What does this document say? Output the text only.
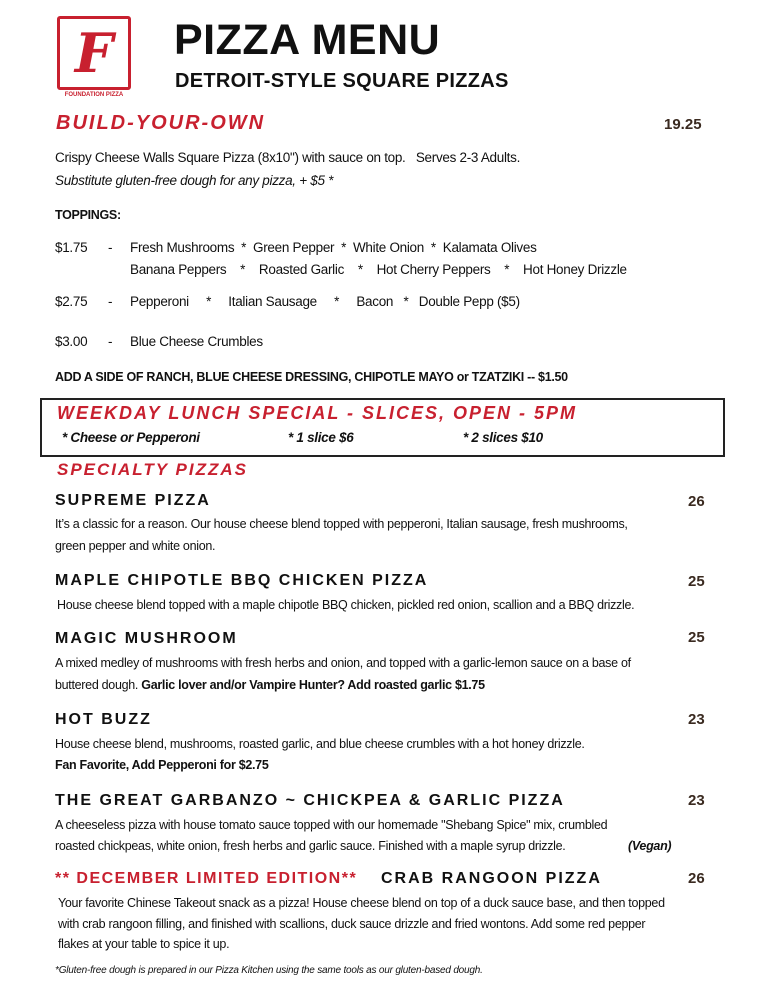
F
FOUNDATION PIZZA
PIZZA MENU
DETROIT-STYLE SQUARE PIZZAS
BUILD-YOUR-OWN	19.25
Crispy Cheese Walls Square Pizza (8x10") with sauce on top.   Serves 2-3 Adults.
Substitute gluten-free dough for any pizza, + $5 *
TOPPINGS:
$1.75 - Fresh Mushrooms  *  Green Pepper  *  White Onion  *  Kalamata Olives
Banana Peppers    *    Roasted Garlic    *    Hot Cherry Peppers    *    Hot Honey Drizzle
$2.75 - Pepperoni     *     Italian Sausage     *     Bacon   *   Double Pepp ($5)
$3.00 - Blue Cheese Crumbles
ADD A SIDE OF RANCH, BLUE CHEESE DRESSING, CHIPOTLE MAYO or TZATZIKI -- $1.50
WEEKDAY LUNCH SPECIAL - SLICES, OPEN - 5PM
* Cheese or Pepperoni	* 1 slice $6	* 2 slices $10
SPECIALTY PIZZAS
SUPREME PIZZA	26
It’s a classic for a reason. Our house cheese blend topped with pepperoni, Italian sausage, fresh mushrooms,
green pepper and white onion.
MAPLE CHIPOTLE BBQ CHICKEN PIZZA	25
House cheese blend topped with a maple chipotle BBQ chicken, pickled red onion, scallion and a BBQ drizzle.
MAGIC MUSHROOM	25
A mixed medley of mushrooms with fresh herbs and onion, and topped with a garlic-lemon sauce on a base of
buttered dough. Garlic lover and/or Vampire Hunter? Add roasted garlic $1.75
HOT BUZZ	23
House cheese blend, mushrooms, roasted garlic, and blue cheese crumbles with a hot honey drizzle.
Fan Favorite, Add Pepperoni for $2.75
THE GREAT GARBANZO ~ CHICKPEA & GARLIC PIZZA	23
A cheeseless pizza with house tomato sauce topped with our homemade "Shebang Spice" mix, crumbled
roasted chickpeas, white onion, fresh herbs and garlic sauce. Finished with a maple syrup drizzle.	(Vegan)
** DECEMBER LIMITED EDITION** CRAB RANGOON PIZZA	26
Your favorite Chinese Takeout snack as a pizza! House cheese blend on top of a duck sauce base, and then topped
with crab rangoon filling, and finished with scallions, duck sauce drizzle and fried wontons. Add some red pepper
flakes at your table to spice it up.
*Gluten-free dough is prepared in our Pizza Kitchen using the same tools as our gluten-based dough.
